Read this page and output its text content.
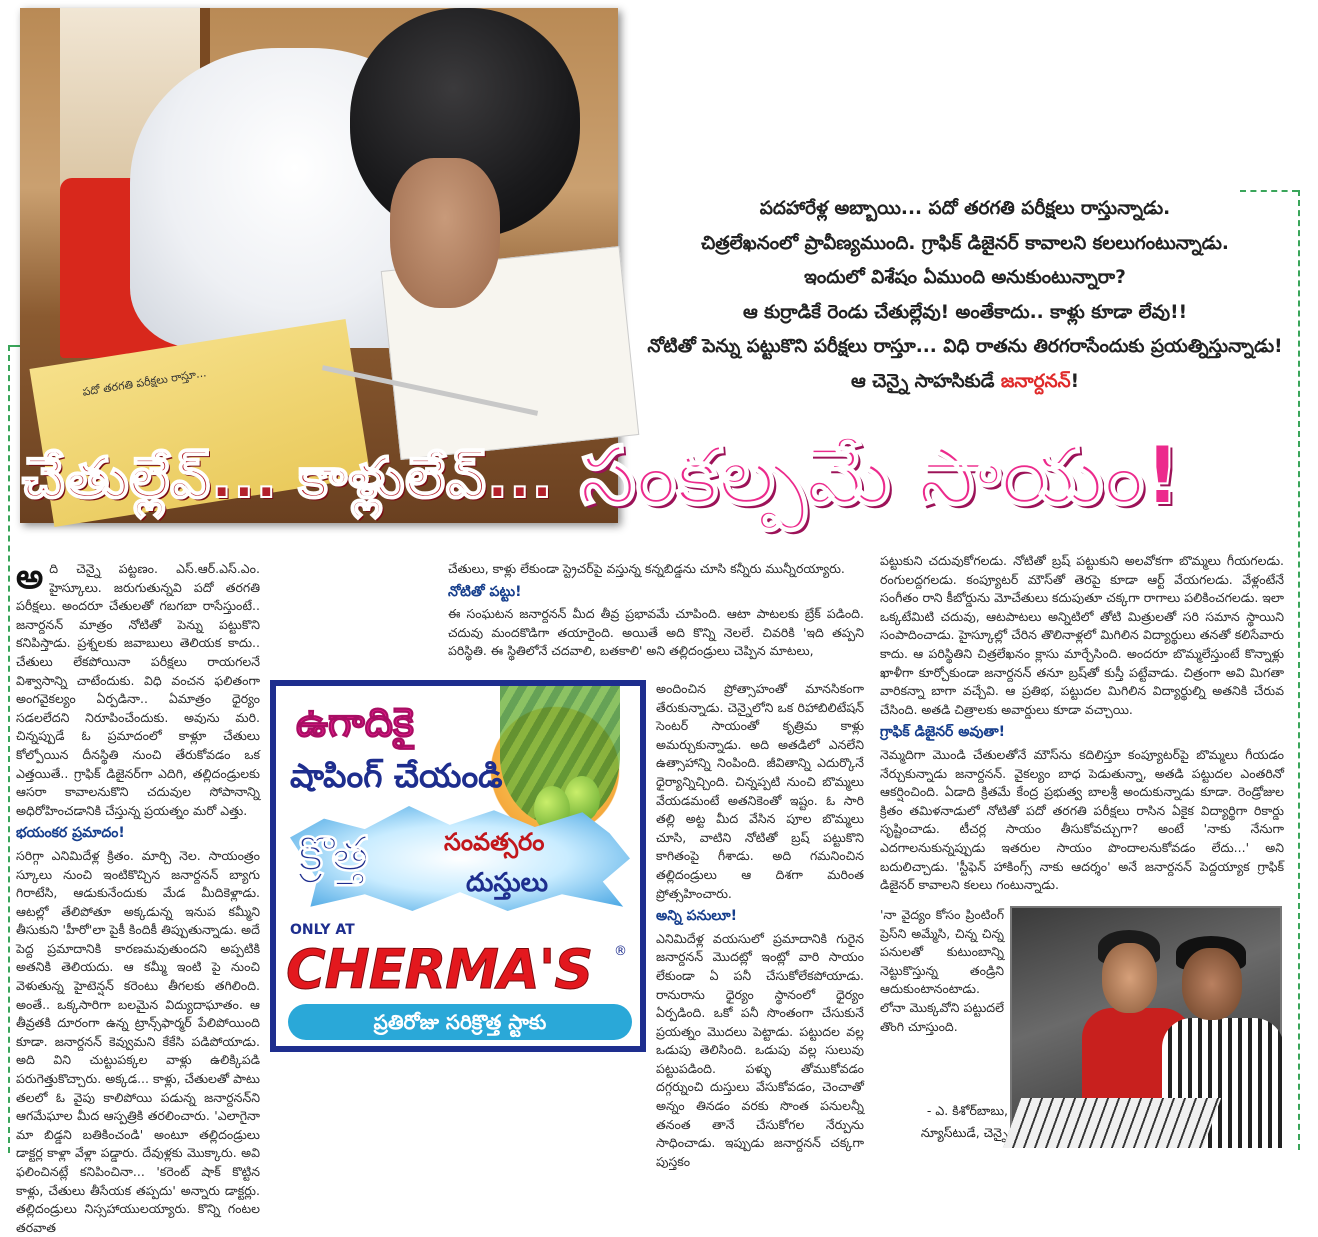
పదో తరగతి పరీక్షలు రాస్తూ...
చేతుల్లేవ్... కాళ్లులేవ్... సంకల్పమే సాయం!
పదహారేళ్ల అబ్బాయి... పదో తరగతి పరీక్షలు రాస్తున్నాడు.
చిత్రలేఖనంలో ప్రావీణ్యముంది. గ్రాఫిక్ డిజైనర్ కావాలని కలలుగంటున్నాడు.
ఇందులో విశేషం ఏముంది అనుకుంటున్నారా?
ఆ కుర్రాడికే రెండు చేతుల్లేవు! అంతేకాదు.. కాళ్లు కూడా లేవు!!
నోటితో పెన్ను పట్టుకొని పరీక్షలు రాస్తూ... విధి రాతను తిరగరాసేందుకు ప్రయత్నిస్తున్నాడు!
ఆ చెన్నై సాహసికుడే జనార్దనన్!

అది చెన్నై పట్టణం. ఎస్.ఆర్.ఎస్.ఎం. హైస్కూలు. జరుగుతున్నవి పదో తరగతి పరీక్షలు. అందరూ చేతులతో గబగబా రాసేస్తుంటే.. జనార్దనన్ మాత్రం నోటితో పెన్ను పట్టుకొని కనిపిస్తాడు. ప్రశ్నలకు జవాబులు తెలియక కాదు.. చేతులు లేకపోయినా పరీక్షలు రాయగలనే విశ్వాసాన్ని చాటేందుకు. విధి వంచన ఫలితంగా అంగవైకల్యం ఏర్పడినా.. ఏమాత్రం ధైర్యం సడలలేదని నిరూపించేందుకు. అవును మరి. చిన్నప్పుడే ఓ ప్రమాదంలో కాళ్లూ చేతులు కోల్పోయిన దీనస్థితి నుంచి తేరుకోవడం ఒక ఎత్తయితే.. గ్రాఫిక్ డిజైనర్‌గా ఎదిగి, తల్లిదండ్రులకు ఆసరా కావాలనుకొని చదువుల సోపానాన్ని అధిరోహించడానికి చేస్తున్న ప్రయత్నం మరో ఎత్తు.

భయంకర ప్రమాదం!

సరిగ్గా ఎనిమిదేళ్ల క్రితం. మార్చి నెల. సాయంత్రం స్కూలు నుంచి ఇంటికొచ్చిన జనార్దనన్ బ్యాగు గిరాటేసి, ఆడుకునేందుకు మేడ మీదికెళ్లాడు. ఆటల్లో తేలిపోతూ అక్కడున్న ఇనుప కమ్మీని తీసుకుని 'హీరో'లా పైకీ కిందికీ తిప్పుతున్నాడు. అదే పెద్ద ప్రమాదానికి కారణమవుతుందని అప్పటికి అతనికి తెలియదు. ఆ కమ్మీ ఇంటి పై నుంచి వెళుతున్న హైటెన్షన్ కరెంటు తీగలకు తగిలింది. అంతే.. ఒక్కసారిగా బలమైన విద్యుదాఘాతం. ఆ తీవ్రతకి దూరంగా ఉన్న ట్రాన్స్‌ఫార్మర్ పేలిపోయింది కూడా. జనార్దనన్ కెవ్వుమని కేకేసి పడిపోయాడు. అది విని చుట్టుపక్కల వాళ్లు ఉలిక్కిపడి పరుగెత్తుకొచ్చారు. అక్కడ... కాళ్లు, చేతులతో పాటు తలలో ఓ వైపు కాలిపోయి పడున్న జనార్దనన్‌ని ఆగమేఘాల మీద ఆస్పత్రికి తరలించారు. 'ఎలాగైనా మా బిడ్డని బతికించండి' అంటూ తల్లిదండ్రులు డాక్టర్ల కాళ్లా వేళ్లా పడ్డారు. దేవుళ్లకు మొక్కారు. అవి ఫలించినట్లే కనిపించినా... 'కరెంట్ షాక్ కొట్టిన కాళ్లు, చేతులు తీసేయక తప్పదు' అన్నారు డాక్టర్లు. తల్లిదండ్రులు నిస్సహాయులయ్యారు. కొన్ని గంటల తరవాత

చేతులు, కాళ్లు లేకుండా స్ట్రెచర్‌పై వస్తున్న కన్నబిడ్డను చూసి కన్నీరు మున్నీరయ్యారు.

నోటితో పట్టు!

ఈ సంఘటన జనార్దనన్ మీద తీవ్ర ప్రభావమే చూపింది. ఆటా పాటలకు బ్రేక్ పడింది. చదువు మందకొడిగా తయారైంది. అయితే అది కొన్ని నెలలే. చివరికి 'ఇది తప్పని పరిస్థితి. ఈ స్థితిలోనే చదవాలి, బతకాలి' అని తల్లిదండ్రులు చెప్పిన మాటలు,

అందించిన ప్రోత్సాహంతో మానసికంగా తేరుకున్నాడు. చెన్నైలోని ఒక రిహాబిలిటేషన్ సెంటర్ సాయంతో కృత్రిమ కాళ్లు అమర్చుకున్నాడు. అది అతడిలో ఎనలేని ఉత్సాహాన్ని నింపింది. జీవితాన్ని ఎదుర్కొనే ధైర్యాన్నిచ్చింది. చిన్నప్పటి నుంచి బొమ్మలు వేయడమంటే అతనికెంతో ఇష్టం. ఓ సారి తల్లి అట్ట మీద వేసిన పూల బొమ్మలు చూసి, వాటిని నోటితో బ్రష్ పట్టుకొని కాగితంపై గీశాడు. అది గమనించిన తల్లిదండ్రులు ఆ దిశగా మరింత ప్రోత్సహించారు.

అన్ని పనులూ!

ఎనిమిదేళ్ల వయసులో ప్రమాదానికి గురైన జనార్దనన్ మొదట్లో ఇంట్లో వారి సాయం లేకుండా ఏ పనీ చేసుకోలేకపోయాడు. రానురాను ధైర్యం స్థానంలో ధైర్యం ఏర్పడింది. ఒకో పనీ సొంతంగా చేసుకునే ప్రయత్నం మొదలు పెట్టాడు. పట్టుదల వల్ల ఒడుపు తెలిసింది. ఒడుపు వల్ల సులువు పట్టుపడింది. పళ్ళు తోముకోవడం దగ్గర్నుంచి దుస్తులు వేసుకోవడం, చెంచాతో అన్నం తినడం వరకు సొంత పనులన్నీ తనంత తానే చేసుకోగల నేర్పును సాధించాడు. ఇప్పుడు జనార్దనన్ చక్కగా పుస్తకం

పట్టుకుని చదువుకోగలడు. నోటితో బ్రష్ పట్టుకుని అలవోకగా బొమ్మలు గీయగలడు. రంగులద్దగలడు. కంప్యూటర్ మౌస్‌తో తెరపై కూడా ఆర్ట్ వేయగలడు. వేళ్లంటేనే సంగీతం రాని కీబోర్డును మోచేతులు కదుపుతూ చక్కగా రాగాలు పలికించగలడు. ఇలా ఒక్కటేమిటి చదువు, ఆటపాటలు అన్నిటిలో తోటి మిత్రులతో సరి సమాన స్థాయిని సంపాదించాడు. హైస్కూల్లో చేరిన తొలినాళ్లలో మిగిలిన విద్యార్థులు తనతో కలిసేవారు కాదు. ఆ పరిస్థితిని చిత్రలేఖనం క్లాసు మార్చేసింది. అందరూ బొమ్మలేస్తుంటే కొన్నాళ్లు ఖాళీగా కూర్చోకుండా జనార్దనన్ తనూ బ్రష్‌తో కుస్తీ పట్టేవాడు. చిత్రంగా అవి మిగతా వారికన్నా బాగా వచ్చేవి. ఆ ప్రతిభ, పట్టుదల మిగిలిన విద్యార్థుల్ని అతనికి చేరువ చేసింది. అతడి చిత్రాలకు అవార్డులు కూడా వచ్చాయి.

గ్రాఫిక్ డిజైనర్ అవుతా!

నెమ్మదిగా మొండి చేతులతోనే మౌస్‌ను కదిలిస్తూ కంప్యూటర్‌పై బొమ్మలు గీయడం నేర్చుకున్నాడు జనార్దనన్. వైకల్యం బాధ పెడుతున్నా, అతడి పట్టుదల ఎంతరినో ఆకర్షించింది. ఏడాది క్రితమే కేంద్ర ప్రభుత్వ బాలశ్రీ అందుకున్నాడు కూడా. రెండ్రోజుల క్రితం తమిళనాడులో నోటితో పదో తరగతి పరీక్షలు రాసిన ఏకైక విద్యార్థిగా రికార్డు సృష్టించాడు. టీచర్ల సాయం తీసుకోవచ్చుగా? అంటే 'నాకు నేనుగా ఎదగాలనుకున్నప్పుడు ఇతరుల సాయం పొందాలనుకోవడం లేదు...' అని బదులిచ్చాడు. 'స్టీఫెన్ హాకింగ్స్ నాకు ఆదర్శం' అనే జనార్దనన్ పెద్దయ్యాక గ్రాఫిక్ డిజైనర్ కావాలని కలలు గంటున్నాడు.

'నా వైద్యం కోసం ప్రింటింగ్ ప్రెస్‌ని అమ్మేసి, చిన్న చిన్న పనులతో కుటుంబాన్ని నెట్టుకొస్తున్న తండ్రిని ఆదుకుంటానంటాడు. లోనా మొక్కవోని పట్టుదలే తొంగి చూస్తుంది.

- ఎ. కిశోర్‌బాబు,
న్యూస్‌టుడే, చెన్నై
ఉగాదికై
షాపింగ్ చేయండి
క్రొత్త	సంవత్సరం
దుస్తులు
ONLY AT
CHERMA'S ®
ప్రతిరోజు సరిక్రొత్త స్టాకు
